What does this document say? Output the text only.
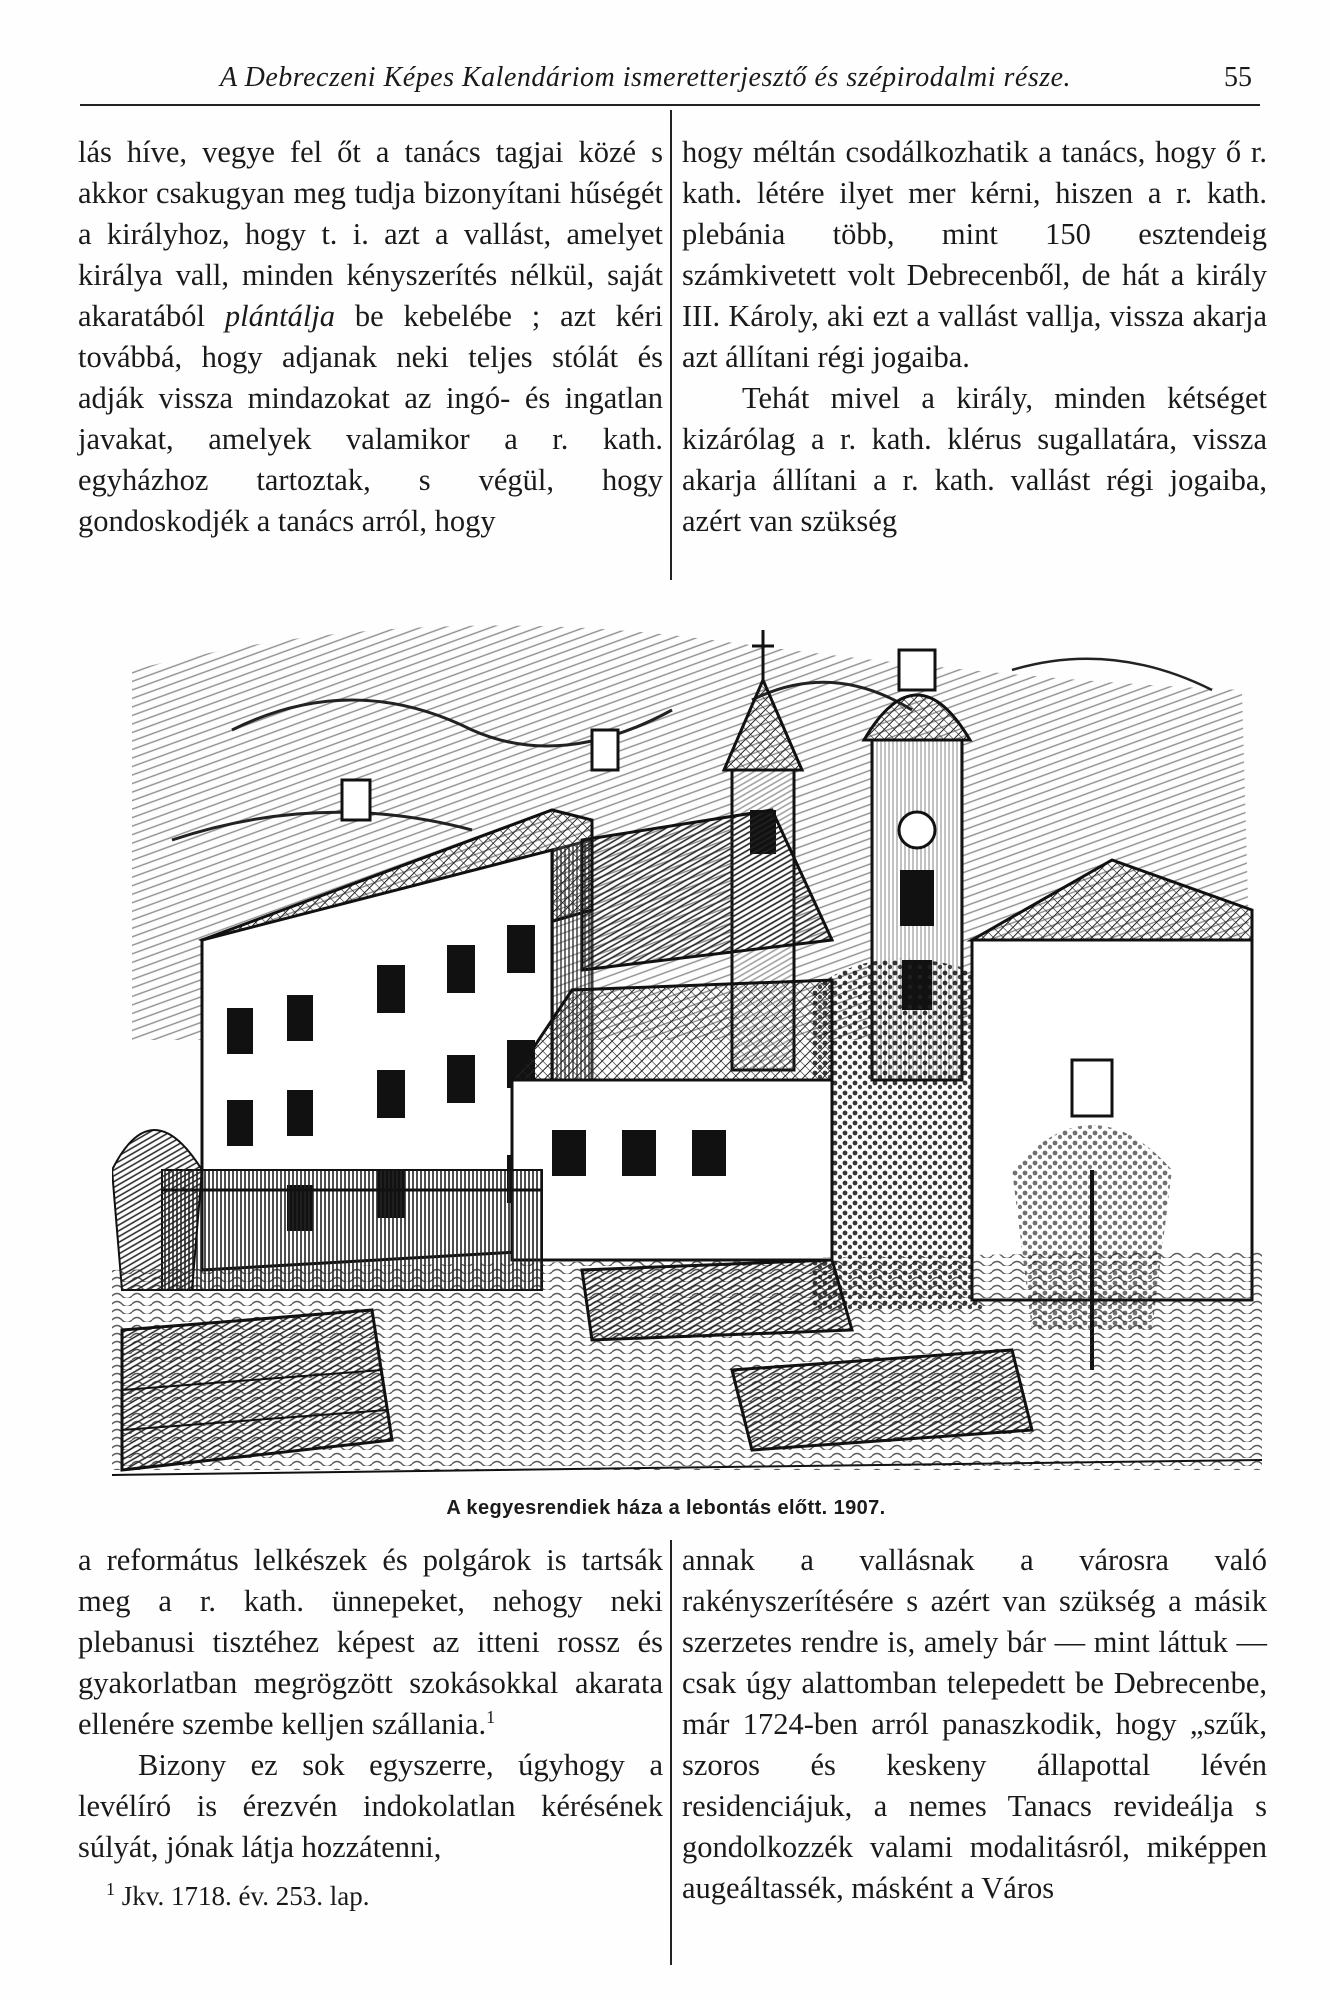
A Debreczeni Képes Kalendáriom ismeretterjesztő és szépirodalmi része.	55

lás híve, vegye fel őt a tanács tagjai közé s akkor csakugyan meg tudja bizonyítani hűségét a királyhoz, hogy t. i. azt a vallást, amelyet királya vall, minden kényszerítés nélkül, saját akaratából plántálja be kebelébe ; azt kéri továbbá, hogy adjanak neki teljes stólát és adják vissza mindazokat az ingó- és ingatlan javakat, amelyek valamikor a r. kath. egyházhoz tartoztak, s végül, hogy gondoskodjék a tanács arról, hogy

hogy méltán csodálkozhatik a tanács, hogy ő r. kath. létére ilyet mer kérni, hiszen a r. kath. plebánia több, mint 150 esztendeig számkivetett volt Debrecenből, de hát a király III. Károly, aki ezt a vallást vallja, vissza akarja azt állítani régi jogaiba.

Tehát mivel a király, minden kétséget kizárólag a r. kath. klérus sugallatára, vissza akarja állítani a r. kath. vallást régi jogaiba, azért van szükség

A kegyesrendiek háza a lebontás előtt. 1907.

a református lelkészek és polgárok is tartsák meg a r. kath. ünnepeket, nehogy neki plebanusi tisztéhez képest az itteni rossz és gyakorlatban megrögzött szokásokkal akarata ellenére szembe kelljen szállania.$^1$

Bizony ez sok egyszerre, úgyhogy a levélíró is érezvén indokolatlan kérésének súlyát, jónak látja hozzátenni,

$^1$ Jkv. 1718. év. 253. lap.

annak a vallásnak a városra való rakényszerítésére s azért van szükség a másik szerzetes rendre is, amely bár — mint láttuk — csak úgy alattomban telepedett be Debrecenbe, már 1724-ben arról panaszkodik, hogy „szűk, szoros és keskeny állapottal lévén residenciájuk, a nemes Tanacs revideálja s gondolkozzék valami modalitásról, miképpen augeáltassék, másként a Város
